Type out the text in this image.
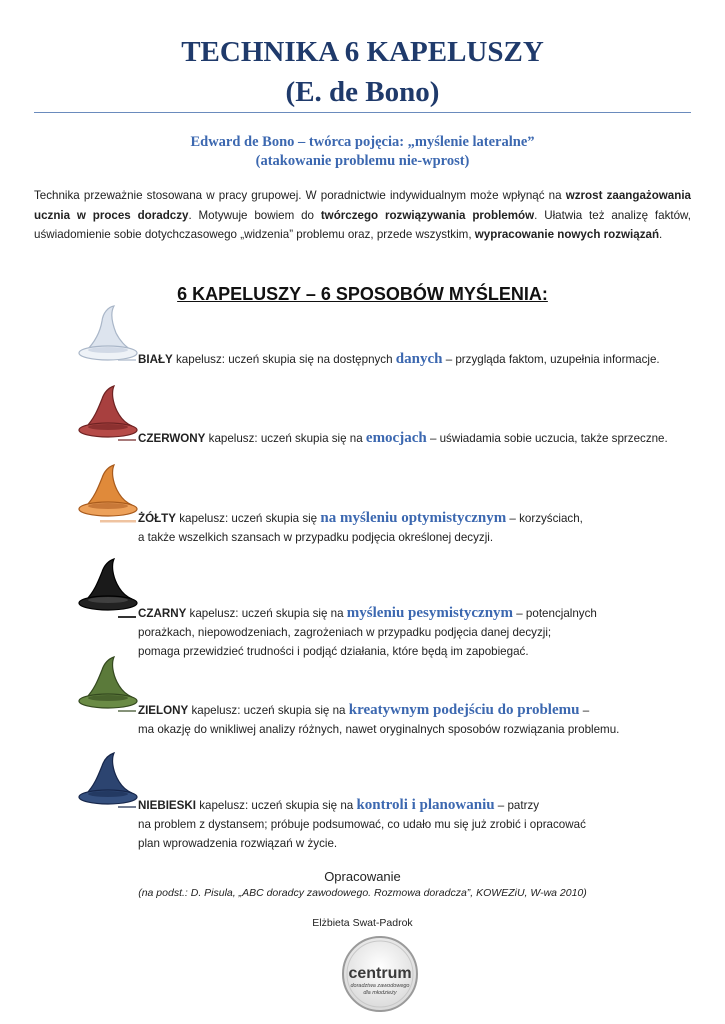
TECHNIKA 6 KAPELUSZY
(E. de Bono)
Edward de Bono – twórca pojęcia: „myślenie lateralne”
(atakowanie problemu nie-wprost)

Technika przeważnie stosowana w pracy grupowej. W poradnictwie indywidualnym może wpłynąć na wzrost zaangażowania ucznia w proces doradczy. Motywuje bowiem do twórczego rozwiązywania problemów. Ułatwia też analizę faktów, uświadomienie sobie dotychczasowego „widzenia” problemu oraz, przede wszystkim, wypracowanie nowych rozwiązań.

6 KAPELUSZY – 6 SPOSOBÓW MYŚLENIA:
BIAŁY kapelusz: uczeń skupia się na dostępnych danych – przygląda faktom, uzupełnia informacje.
CZERWONY kapelusz: uczeń skupia się na emocjach – uświadamia sobie uczucia, także sprzeczne.
ŻÓŁTY kapelusz: uczeń skupia się na myśleniu optymistycznym – korzyściach,
a także wszelkich szansach w przypadku podjęcia określonej decyzji.
CZARNY kapelusz: uczeń skupia się na myśleniu pesymistycznym – potencjalnych
porażkach, niepowodzeniach, zagrożeniach w przypadku podjęcia danej decyzji;
pomaga przewidzieć trudności i podjąć działania, które będą im zapobiegać.
ZIELONY kapelusz: uczeń skupia się na kreatywnym podejściu do problemu –
ma okazję do wnikliwej analizy różnych, nawet oryginalnych sposobów rozwiązania problemu.
NIEBIESKI kapelusz: uczeń skupia się na kontroli i planowaniu – patrzy
na problem z dystansem; próbuje podsumować, co udało mu się już zrobić i opracować
plan wprowadzenia rozwiązań w życie.
Opracowanie
(na podst.: D. Pisula, „ABC doradcy zawodowego. Rozmowa doradcza”, KOWEZiU, W-wa 2010)
Elżbieta Swat-Padrok
centrum
doradztwa zawodowego
dla młodzieży
